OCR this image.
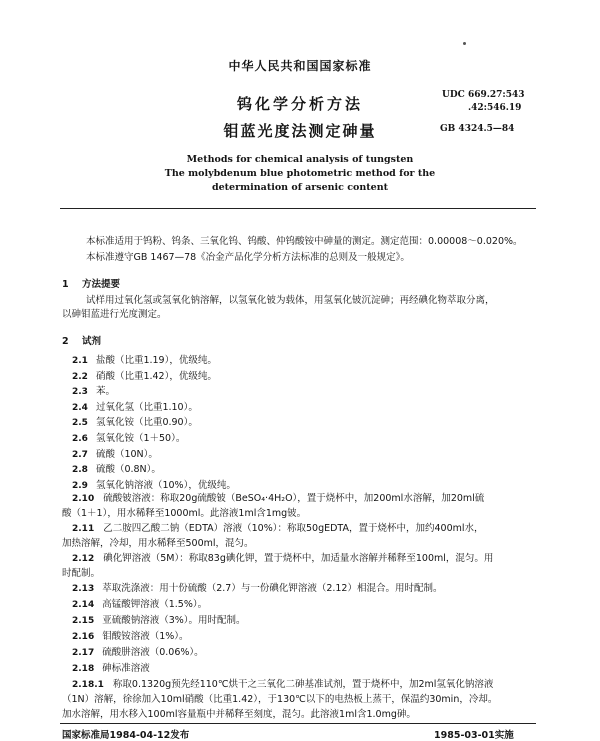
中华人民共和国国家标准
钨化学分析方法
钼蓝光度法测定砷量
UDC 669.27:543
.42:546.19
GB 4324.5—84
Methods for chemical analysis of tungsten
The molybdenum blue photometric method for the
determination of arsenic content
本标准适用于钨粉、钨条、三氧化钨、钨酸、仲钨酸铵中砷量的测定。测定范围：0.00008～0.020%。
本标准遵守GB 1467—78《冶金产品化学分析方法标准的总则及一般规定》。
1 方法提要
试样用过氧化氢或氢氧化钠溶解，以氢氧化铍为载体，用氢氧化铍沉淀砷；再经碘化物萃取分离，
以砷钼蓝进行光度测定。
2 试剂
2.1 盐酸（比重1.19），优级纯。
2.2 硝酸（比重1.42），优级纯。
2.3 苯。
2.4 过氧化氢（比重1.10）。
2.5 氢氧化铵（比重0.90）。
2.6 氢氧化铵（1＋50）。
2.7 硫酸（10N）。
2.8 硫酸（0.8N）。
2.9 氢氧化钠溶液（10%），优级纯。
2.10 硫酸铍溶液：称取20g硫酸铍（BeSO₄·4H₂O），置于烧杯中，加200ml水溶解，加20ml硫
酸（1＋1），用水稀释至1000ml。此溶液1ml含1mg铍。
2.11 乙二胺四乙酸二钠（EDTA）溶液（10%）：称取50gEDTA，置于烧杯中，加约400ml水，
加热溶解，冷却，用水稀释至500ml，混匀。
2.12 碘化钾溶液（5M）：称取83g碘化钾，置于烧杯中，加适量水溶解并稀释至100ml，混匀。用
时配制。
2.13 萃取洗涤液：用十份硫酸（2.7）与一份碘化钾溶液（2.12）相混合。用时配制。
2.14 高锰酸钾溶液（1.5%）。
2.15 亚硫酸钠溶液（3%）。用时配制。
2.16 钼酸铵溶液（1%）。
2.17 硫酸肼溶液（0.06%）。
2.18 砷标准溶液
2.18.1 称取0.1320g预先经110℃烘干之三氧化二砷基准试剂，置于烧杯中，加2ml氢氧化钠溶液
（1N）溶解，徐徐加入10ml硝酸（比重1.42），于130℃以下的电热板上蒸干，保温约30min，冷却。
加水溶解，用水移入100ml容量瓶中并稀释至刻度，混匀。此溶液1ml含1.0mg砷。
国家标准局1984-04-12发布	1985-03-01实施
